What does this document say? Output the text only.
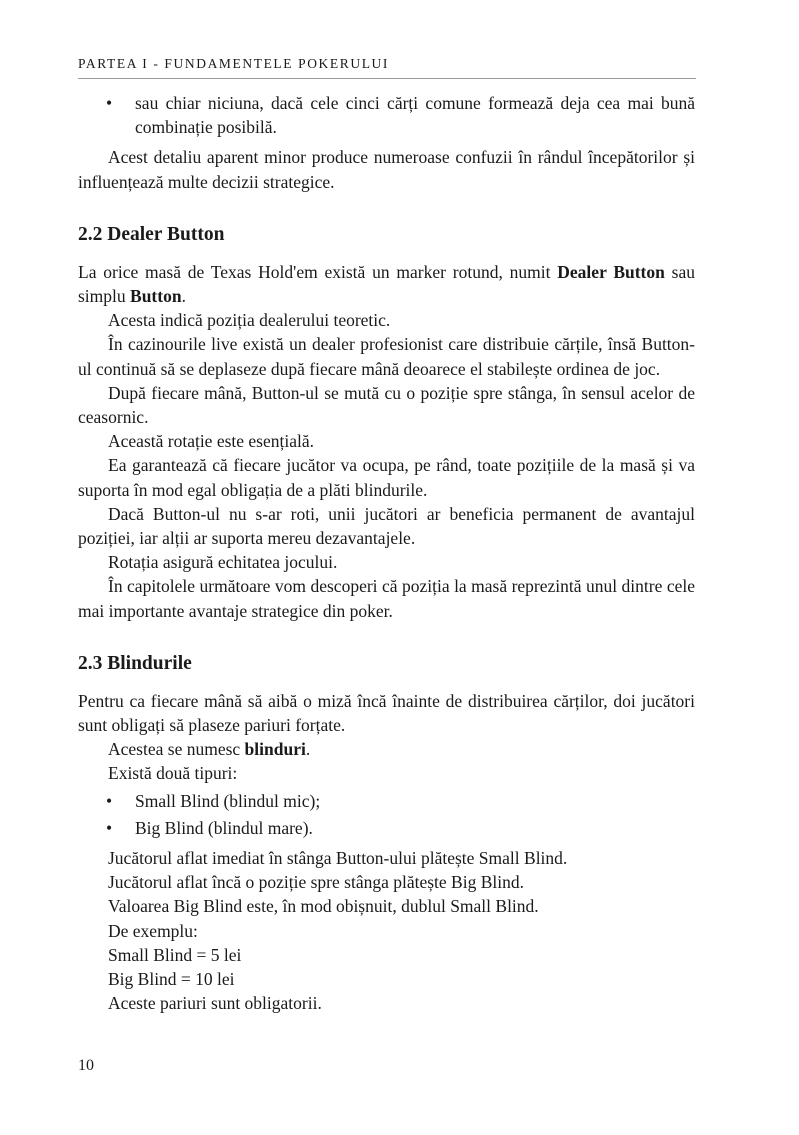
PARTEA I - FUNDAMENTELE POKERULUI
• sau chiar niciuna, dacă cele cinci cărți comune formează deja cea mai bună combinație posibilă.

Acest detaliu aparent minor produce numeroase confuzii în rândul începătorilor și influențează multe decizii strategice.

2.2 Dealer Button

La orice masă de Texas Hold'em există un marker rotund, numit Dealer Button sau simplu Button.

Acesta indică poziția dealerului teoretic.

În cazinourile live există un dealer profesionist care distribuie cărțile, însă Button-ul continuă să se deplaseze după fiecare mână deoarece el stabilește ordinea de joc.

După fiecare mână, Button-ul se mută cu o poziție spre stânga, în sensul acelor de ceasornic.

Această rotație este esențială.

Ea garantează că fiecare jucător va ocupa, pe rând, toate pozițiile de la masă și va suporta în mod egal obligația de a plăti blindurile.

Dacă Button-ul nu s-ar roti, unii jucători ar beneficia permanent de avantajul poziției, iar alții ar suporta mereu dezavantajele.

Rotația asigură echitatea jocului.

În capitolele următoare vom descoperi că poziția la masă reprezintă unul dintre cele mai importante avantaje strategice din poker.

2.3 Blindurile

Pentru ca fiecare mână să aibă o miză încă înainte de distribuirea cărților, doi jucători sunt obligați să plaseze pariuri forțate.

Acestea se numesc blinduri.

Există două tipuri:

• Small Blind (blindul mic);
• Big Blind (blindul mare).

Jucătorul aflat imediat în stânga Button-ului plătește Small Blind.

Jucătorul aflat încă o poziție spre stânga plătește Big Blind.

Valoarea Big Blind este, în mod obișnuit, dublul Small Blind.

De exemplu:

Small Blind = 5 lei

Big Blind = 10 lei

Aceste pariuri sunt obligatorii.

10
